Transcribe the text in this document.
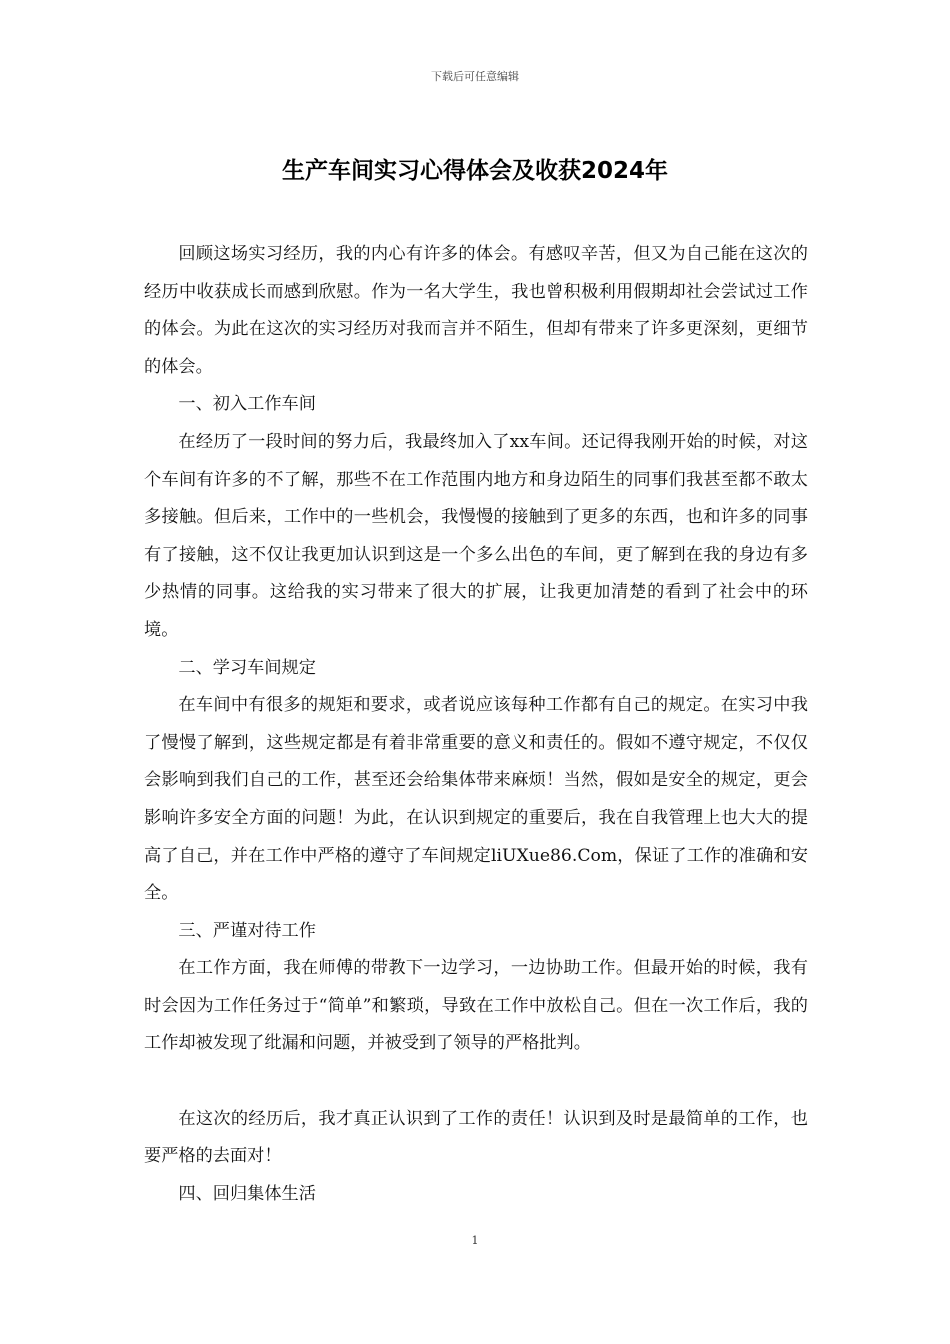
下载后可任意编辑
生产车间实习心得体会及收获2024年

回顾这场实习经历，我的内心有许多的体会。有感叹辛苦，但又为自己能在这次的经历中收获成长而感到欣慰。作为一名大学生，我也曾积极利用假期却社会尝试过工作的体会。为此在这次的实习经历对我而言并不陌生，但却有带来了许多更深刻，更细节的体会。

一、初入工作车间

在经历了一段时间的努力后，我最终加入了xx车间。还记得我刚开始的时候，对这个车间有许多的不了解，那些不在工作范围内地方和身边陌生的同事们我甚至都不敢太多接触。但后来，工作中的一些机会，我慢慢的接触到了更多的东西，也和许多的同事有了接触，这不仅让我更加认识到这是一个多么出色的车间，更了解到在我的身边有多少热情的同事。这给我的实习带来了很大的扩展，让我更加清楚的看到了社会中的环境。

二、学习车间规定

在车间中有很多的规矩和要求，或者说应该每种工作都有自己的规定。在实习中我了慢慢了解到，这些规定都是有着非常重要的意义和责任的。假如不遵守规定，不仅仅会影响到我们自己的工作，甚至还会给集体带来麻烦！当然，假如是安全的规定，更会影响许多安全方面的问题！为此，在认识到规定的重要后，我在自我管理上也大大的提高了自己，并在工作中严格的遵守了车间规定liUXue86.Com，保证了工作的准确和安全。

三、严谨对待工作

在工作方面，我在师傅的带教下一边学习，一边协助工作。但最开始的时候，我有时会因为工作任务过于“简单”和繁琐，导致在工作中放松自己。但在一次工作后，我的工作却被发现了纰漏和问题，并被受到了领导的严格批判。

在这次的经历后，我才真正认识到了工作的责任！认识到及时是最简单的工作，也要严格的去面对！

四、回归集体生活

1
